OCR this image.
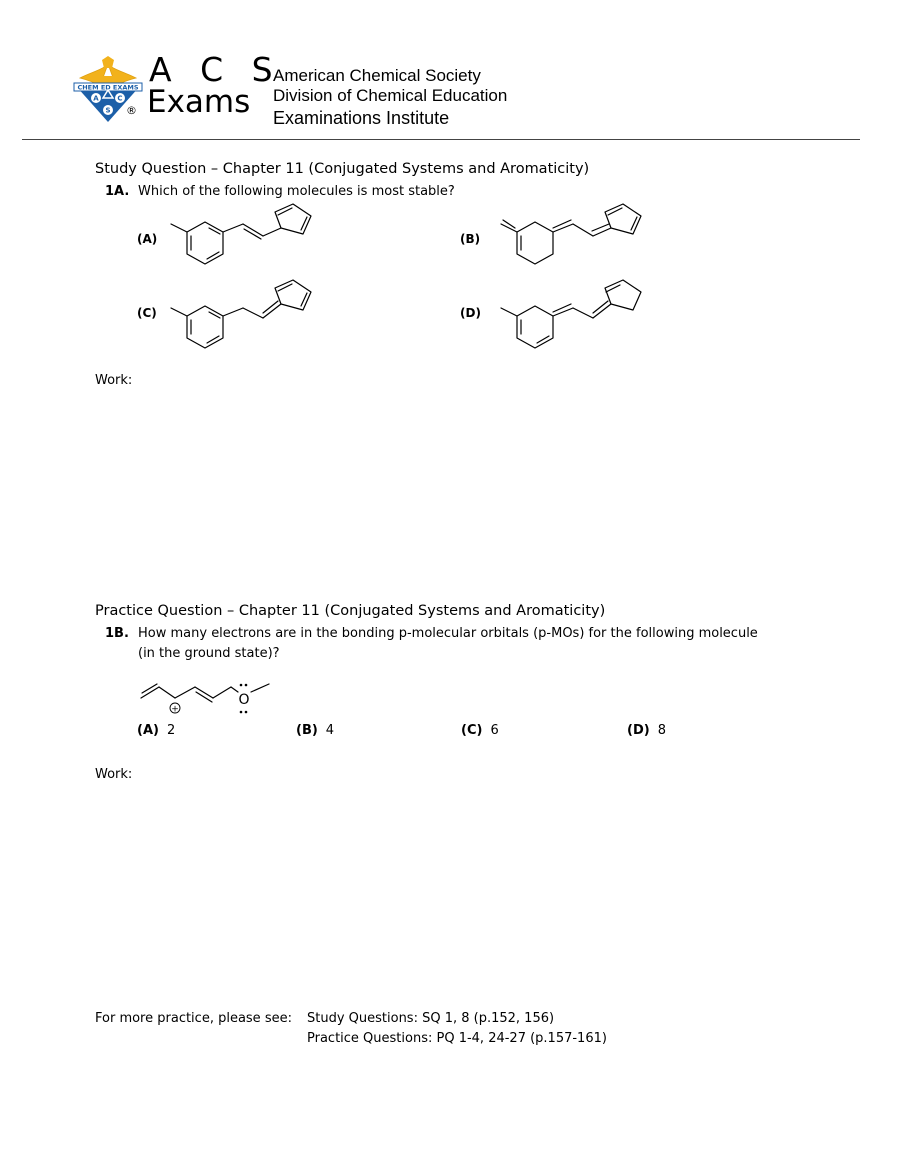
CHEM ED EXAMS
A	C
S ®
A C S
Exams
American Chemical Society
Division of Chemical Education
Examinations Institute
Study Question – Chapter 11 (Conjugated Systems and Aromaticity)
1A. Which of the following molecules is most stable?
(A)	(B)
(C)	(D)
Work:
Practice Question – Chapter 11 (Conjugated Systems and Aromaticity)
1B. How many electrons are in the bonding p-molecular orbitals (p-MOs) for the following molecule
(in the ground state)?
+
O
(A) 2	(B) 4	(C) 6	(D) 8
Work:
For more practice, please see: Study Questions: SQ 1, 8 (p.152, 156)
Practice Questions: PQ 1-4, 24-27 (p.157-161)
